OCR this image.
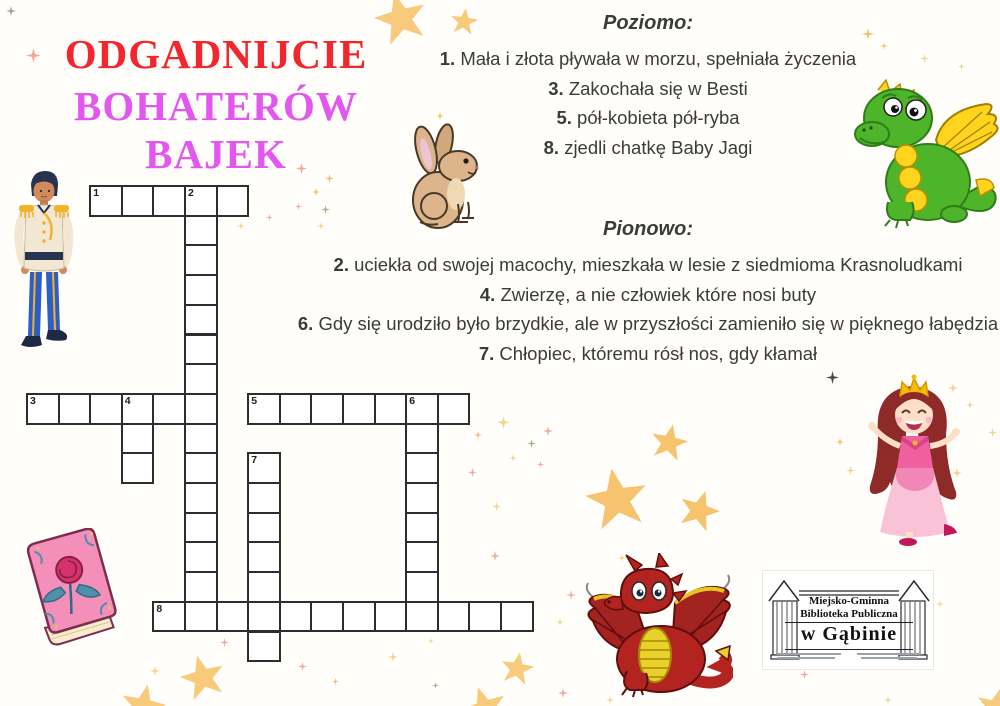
ODGADNIJCIE
BOHATERÓW BAJEK
Poziomo:
1. Mała i złota pływała w morzu, spełniała życzenia
3. Zakochała się w Besti
5. pół-kobieta pół-ryba
8. zjedli chatkę Baby Jagi
Pionowo:
2. uciekła od swojej macochy, mieszkała w lesie z siedmioma Krasnoludkami
4. Zwierzę, a nie człowiek które nosi buty
6. Gdy się urodziło było brzydkie, ale w przyszłości zamieniło się w pięknego łabędzia
7. Chłopiec, któremu rósł nos, gdy kłamał
1	2
3	4	5	6
7
8
Miejsko-Gminna
Biblioteka Publiczna
w Gąbinie
